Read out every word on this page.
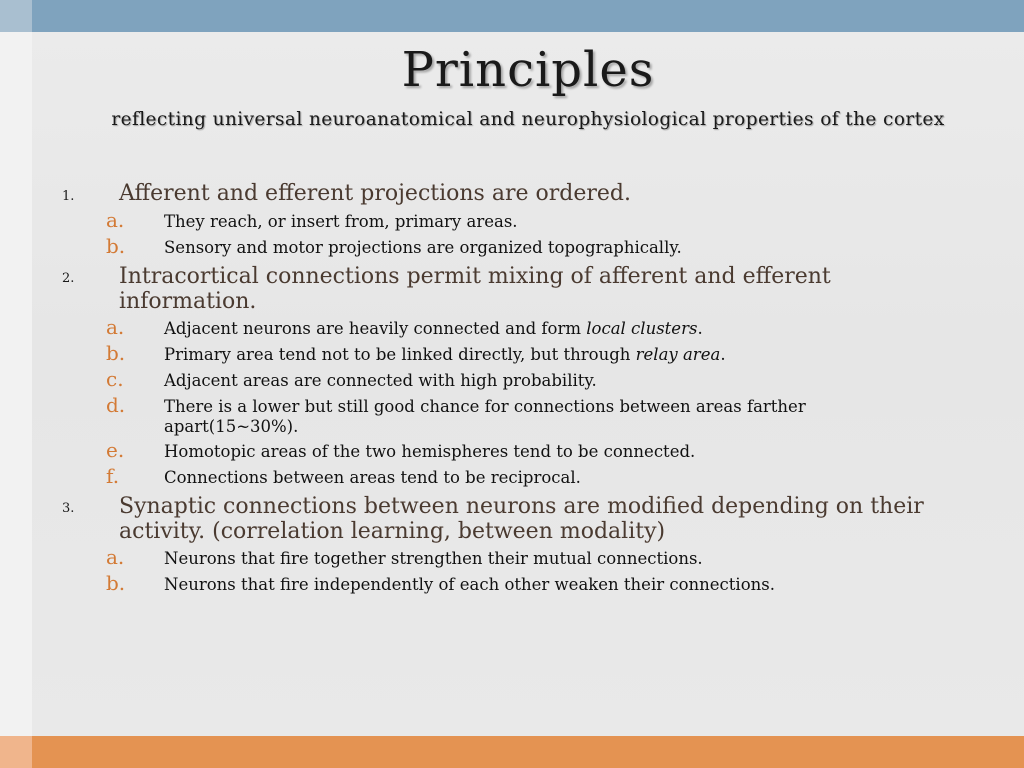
Principles
reflecting universal neuroanatomical and neurophysiological properties of the cortex
1. Afferent and efferent projections are ordered.
a. They reach, or insert from, primary areas.
b. Sensory and motor projections are organized topographically.
2. Intracortical connections permit mixing of afferent and efferent information.
a. Adjacent neurons are heavily connected and form local clusters.
b. Primary area tend not to be linked directly, but through relay area.
c. Adjacent areas are connected with high probability.
d. There is a lower but still good chance for connections between areas farther apart(15~30%).
e. Homotopic areas of the two hemispheres tend to be connected.
f.	Connections between areas tend to be reciprocal.
3. Synaptic connections between neurons are modified depending on their activity. (correlation learning, between modality)
a. Neurons that fire together strengthen their mutual connections.
b. Neurons that fire independently of each other weaken their connections.
